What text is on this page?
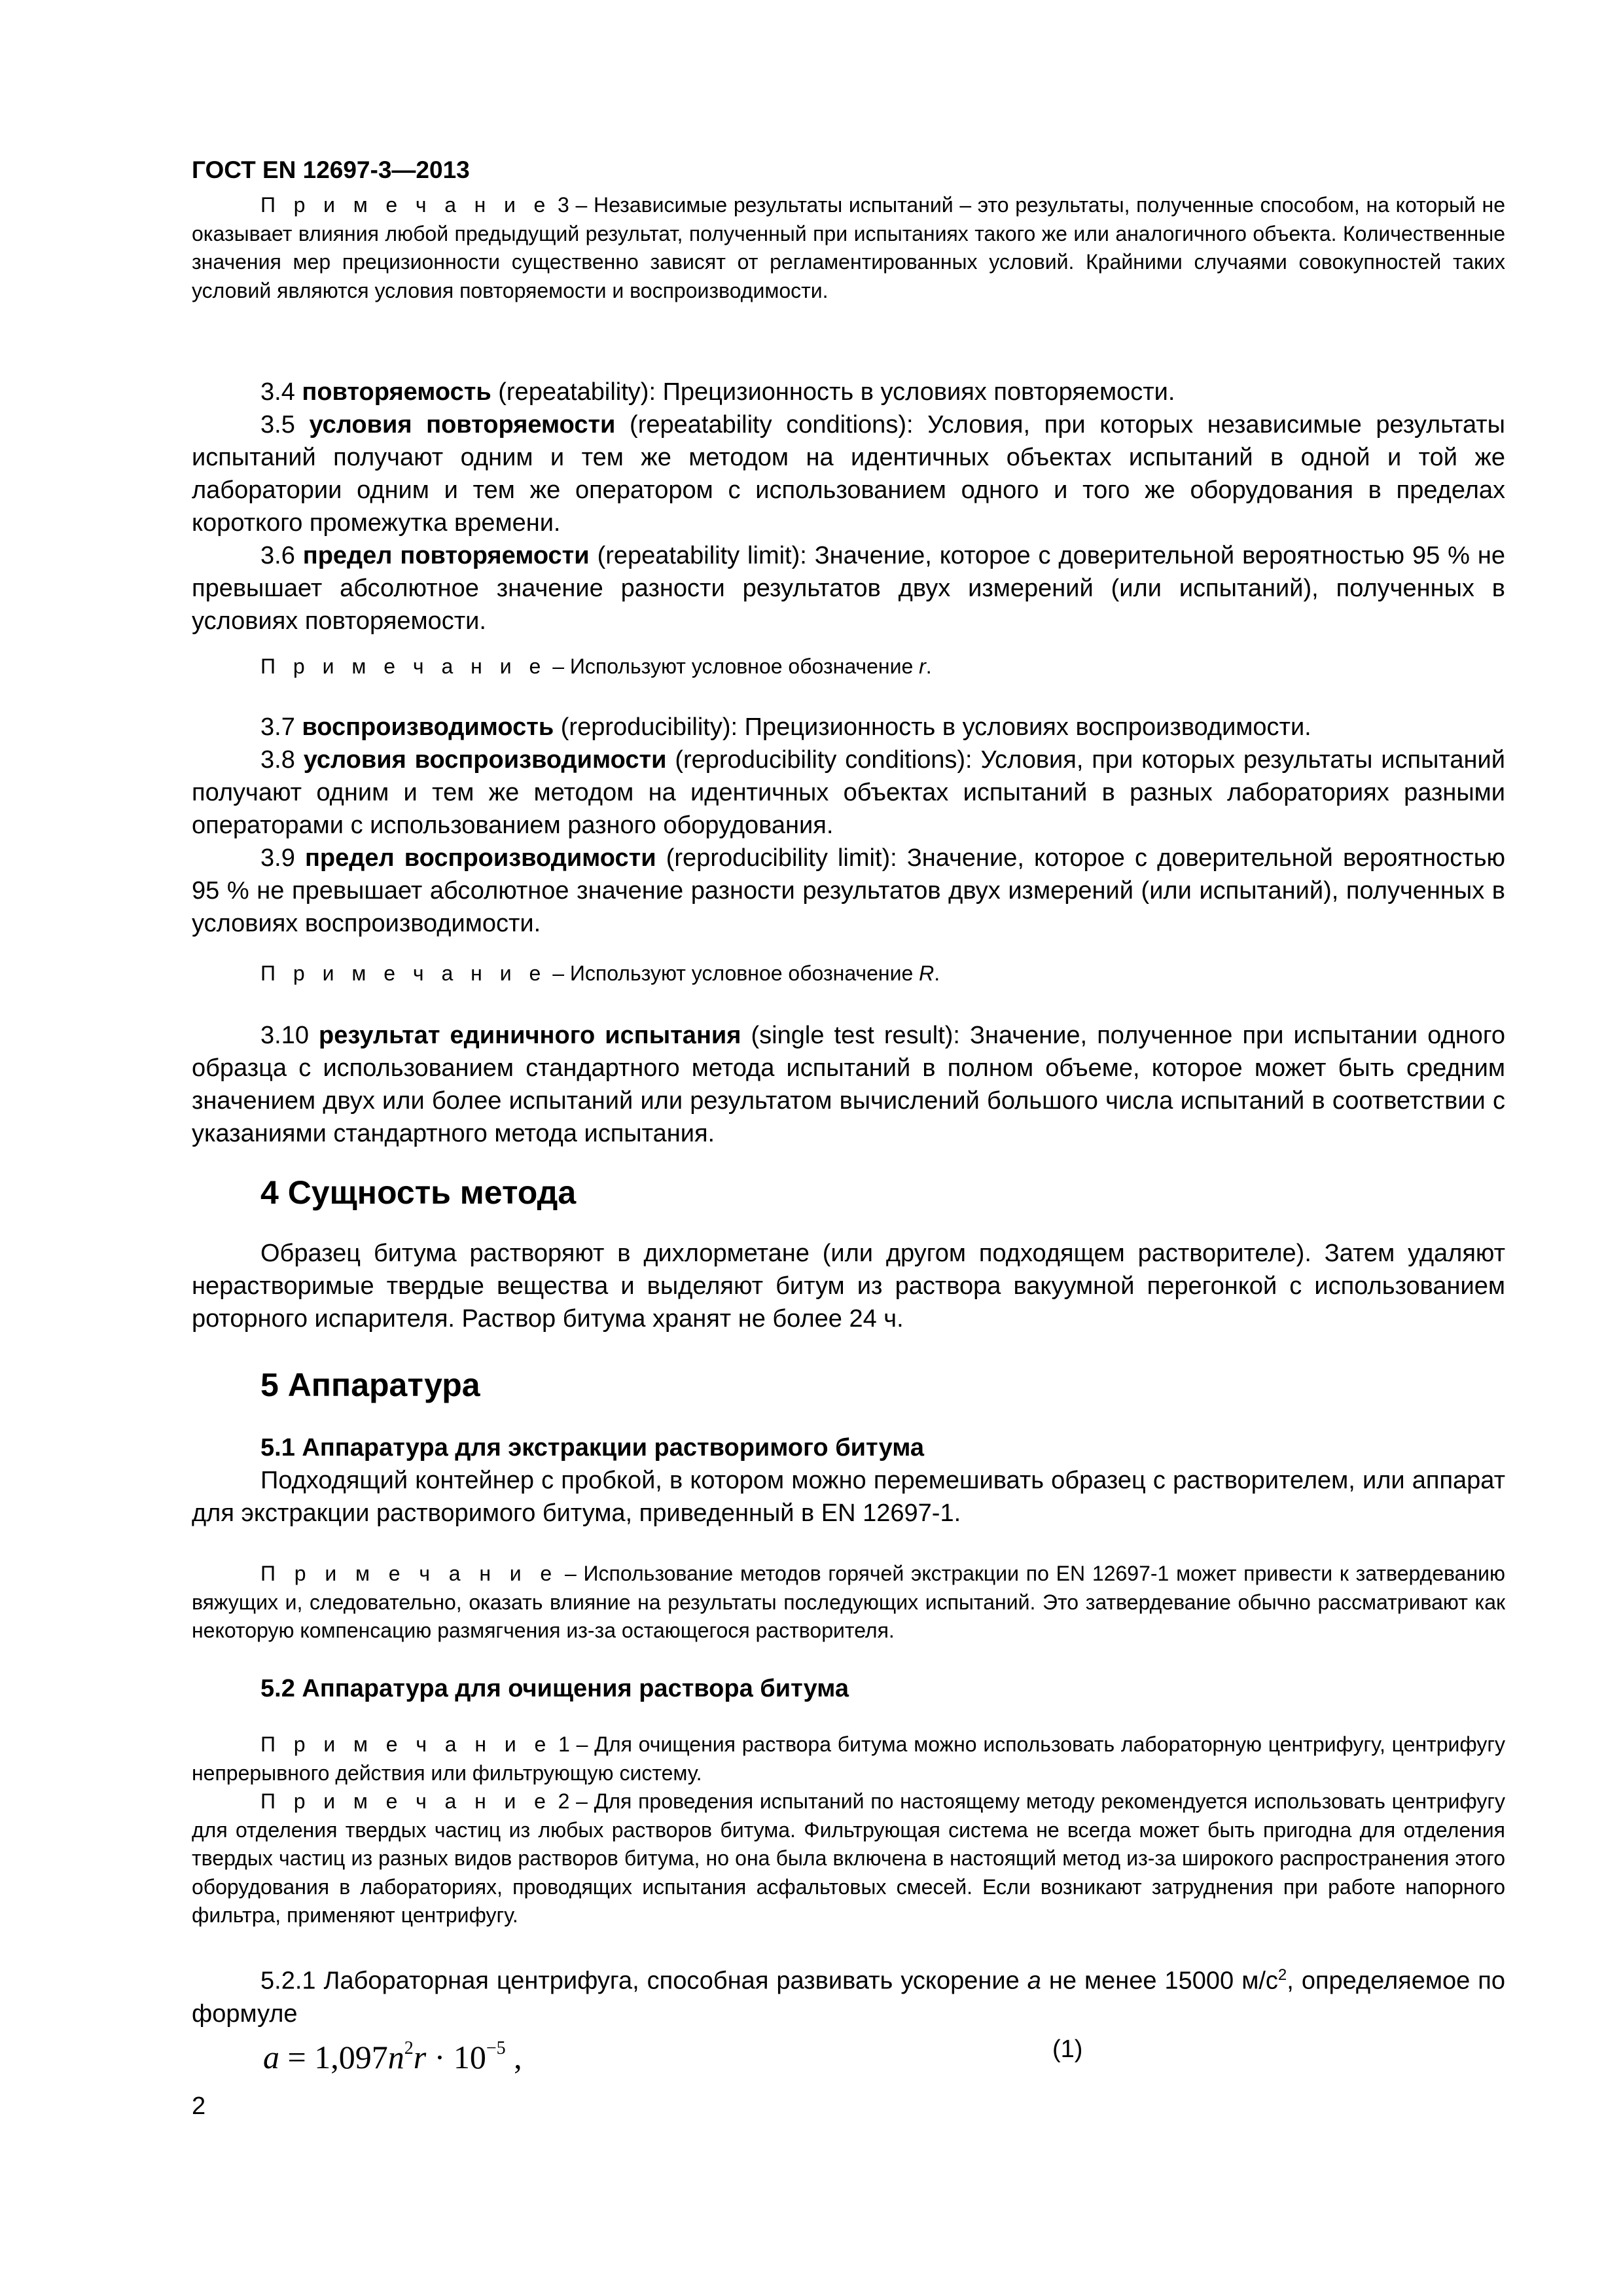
ГОСТ EN 12697-3—2013

П р и м е ч а н и е 3 – Независимые результаты испытаний – это результаты, полученные способом, на который не оказывает влияния любой предыдущий результат, полученный при испытаниях такого же или аналогичного объекта. Количественные значения мер прецизионности существенно зависят от регламентированных условий. Крайними случаями совокупностей таких условий являются условия повторяемости и воспроизводимости.

3.4 повторяемость (repeatability): Прецизионность в условиях повторяемости.

3.5 условия повторяемости (repeatability conditions): Условия, при которых независимые результаты испытаний получают одним и тем же методом на идентичных объектах испытаний в одной и той же лаборатории одним и тем же оператором с использованием одного и того же оборудования в пределах короткого промежутка времени.

3.6 предел повторяемости (repeatability limit): Значение, которое с доверительной вероятностью 95 % не превышает абсолютное значение разности результатов двух измерений (или испытаний), полученных в условиях повторяемости.

П р и м е ч а н и е – Используют условное обозначение r.

3.7 воспроизводимость (reproducibility): Прецизионность в условиях воспроизводимости.

3.8 условия воспроизводимости (reproducibility conditions): Условия, при которых результаты испытаний получают одним и тем же методом на идентичных объектах испытаний в разных лабораториях разными операторами с использованием разного оборудования.

3.9 предел воспроизводимости (reproducibility limit): Значение, которое с доверительной вероятностью 95 % не превышает абсолютное значение разности результатов двух измерений (или испытаний), полученных в условиях воспроизводимости.

П р и м е ч а н и е – Используют условное обозначение R.

3.10 результат единичного испытания (single test result): Значение, полученное при испытании одного образца с использованием стандартного метода испытаний в полном объеме, которое может быть средним значением двух или более испытаний или результатом вычислений большого числа испытаний в соответствии с указаниями стандартного метода испытания.

4 Сущность метода

Образец битума растворяют в дихлорметане (или другом подходящем растворителе). Затем удаляют нерастворимые твердые вещества и выделяют битум из раствора вакуумной перегонкой с использованием роторного испарителя. Раствор битума хранят не более 24 ч.

5 Аппаратура

5.1 Аппаратура для экстракции растворимого битума

Подходящий контейнер с пробкой, в котором можно перемешивать образец с растворителем, или аппарат для экстракции растворимого битума, приведенный в EN 12697-1.

П р и м е ч а н и е – Использование методов горячей экстракции по EN 12697-1 может привести к затвердеванию вяжущих и, следовательно, оказать влияние на результаты последующих испытаний. Это затвердевание обычно рассматривают как некоторую компенсацию размягчения из-за остающегося растворителя.

5.2 Аппаратура для очищения раствора битума

П р и м е ч а н и е 1 – Для очищения раствора битума можно использовать лабораторную центрифугу, центрифугу непрерывного действия или фильтрующую систему.

П р и м е ч а н и е 2 – Для проведения испытаний по настоящему методу рекомендуется использовать центрифугу для отделения твердых частиц из любых растворов битума. Фильтрующая система не всегда может быть пригодна для отделения твердых частиц из разных видов растворов битума, но она была включена в настоящий метод из-за широкого распространения этого оборудования в лабораториях, проводящих испытания асфальтовых смесей. Если возникают затруднения при работе напорного фильтра, применяют центрифугу.

5.2.1 Лабораторная центрифуга, способная развивать ускорение a не менее 15000 $м/с^2$, определяемое по формуле

$a = 1,097n^2r \cdot 10^{-5}$ ,	(1)
2
